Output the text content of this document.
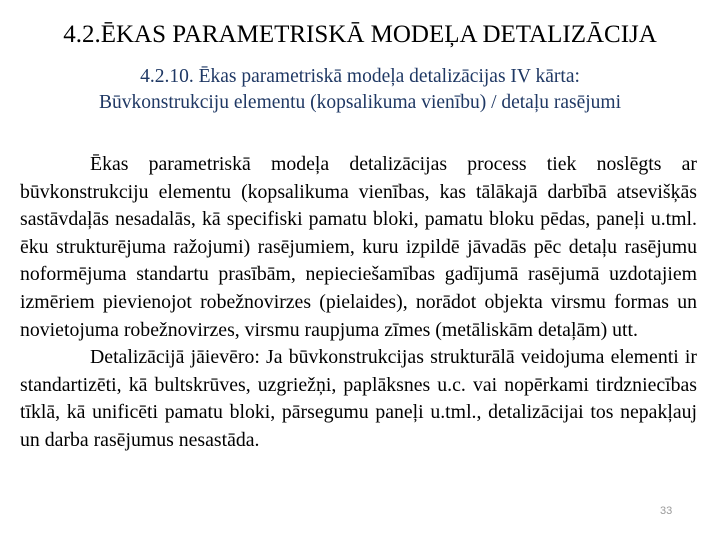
4.2.ĒKAS PARAMETRISKĀ MODEĻA DETALIZĀCIJA
4.2.10. Ēkas parametriskā modeļa detalizācijas IV kārta:
Būvkonstrukciju elementu (kopsalikuma vienību) / detaļu rasējumi

Ēkas parametriskā modeļa detalizācijas process tiek noslēgts ar būvkonstrukciju elementu (kopsalikuma vienības, kas tālākajā darbībā atsevišķās sastāvdaļās nesadalās, kā specifiski pamatu bloki, pamatu bloku pēdas, paneļi u.tml. ēku strukturējuma ražojumi) rasējumiem, kuru izpildē jāvadās pēc detaļu rasējumu noformējuma standartu prasībām, nepieciešamības gadījumā rasējumā uzdotajiem izmēriem pievienojot robežnovirzes (pielaides), norādot objekta virsmu formas un novietojuma robežnovirzes, virsmu raupjuma zīmes (metāliskām detaļām) utt.

Detalizācijā jāievēro: Ja būvkonstrukcijas strukturālā veidojuma elementi ir standartizēti, kā bultskrūves, uzgriežņi, paplāksnes u.c. vai nopērkami tirdzniecības tīklā, kā unificēti pamatu bloki, pārsegumu paneļi u.tml., detalizācijai tos nepakļauj un darba rasējumus nesastāda.

33
